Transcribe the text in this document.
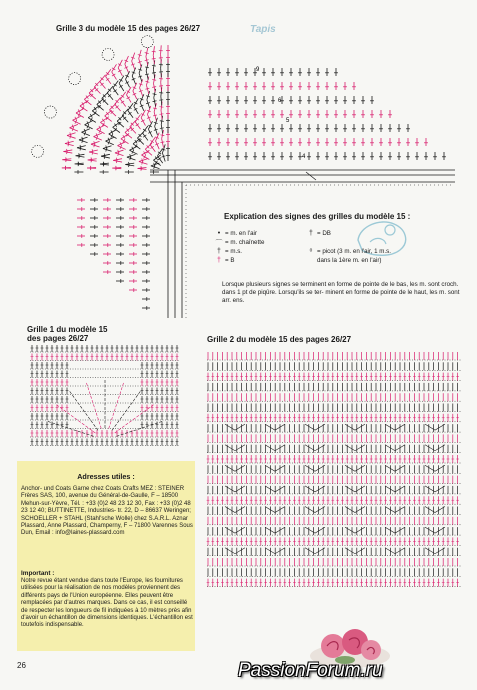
Tapis
Grille 3 du modèle 15 des pages 26/27
9
6
5
4
Explication des signes des grilles du modèle 15 :
• = m. en l'air
⌒ = m. chaînette
† = m.s.
† = B
† = DB
ᵒ = picot (3 m. en l'air, 1 m.s.
dans la 1ère m. en l'air)
Lorsque plusieurs signes se terminent en forme de pointe de le bas, les m. sont croch. dans 1 pt de piqûre. Lorsqu'ils se ter- minent en forme de pointe de le haut, les m. sont arr. ens.
Grille 1 du modèle 15
des pages 26/27	Grille 2 du modèle 15 des pages 26/27
Adresses utiles :
Anchor- und Coats Garne chez Coats Crafts MEZ : STEINER Frères SAS, 100, avenue du Général-de-Gaulle, F – 18500 Mehun-sur-Yèvre, Tél. : +33 (0)2 48 23 12 30, Fax : +33 (0)2 48 23 12 40; BUTTINETTE, Industries- tr. 22, D – 86637 Weringen; SCHOELLER + STAHL (Stahl'sche Wolle) chez S.A.R.L. Aznar Plassard, Anne Plassard, Champerny, F – 71800 Varennes Sous Dun, Email : info@laines-plassard.com
Important :
Notre revue étant vendue dans toute l'Europe, les fournitures utilisées pour la réalisation de nos modèles proviennent des différents pays de l'Union européenne. Elles peuvent être remplacées par d'autres marques. Dans ce cas, il est conseillé de respecter les longueurs de fil indiquées à 10 mètres près afin d'avoir un échantillon de dimensions identiques. L'échantillon est toutefois indispensable.
26	PassionForum.ru
